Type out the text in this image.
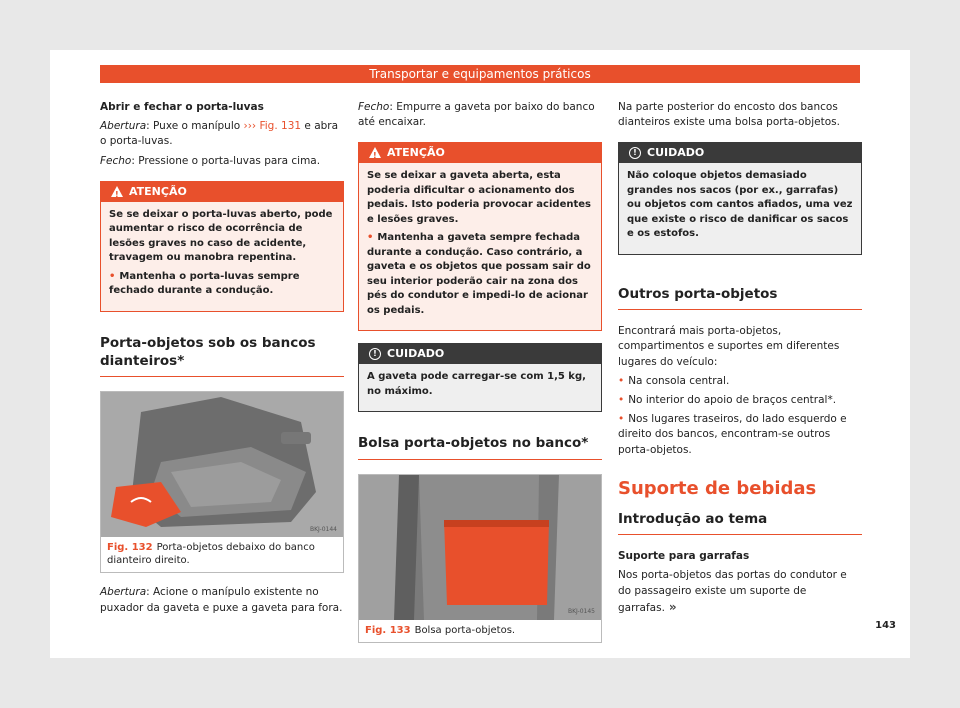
Transportar e equipamentos práticos

Abrir e fechar o porta-luvas

Abertura: Puxe o manípulo ››› Fig. 131 e abra o porta-luvas.

Fecho: Pressione o porta-luvas para cima.

!
ATENÇÃO

Se se deixar o porta-luvas aberto, pode aumentar o risco de ocorrência de lesões graves no caso de acidente, travagem ou manobra repentina.

• Mantenha o porta-luvas sempre fechado durante a condução.

Porta-objetos sob os bancos dianteiros*
BKJ-0144
Fig. 132 Porta-objetos debaixo do banco dianteiro direito.

Abertura: Acione o manípulo existente no puxador da gaveta e puxe a gaveta para fora.

Fecho: Empurre a gaveta por baixo do banco até encaixar.

!
ATENÇÃO

Se se deixar a gaveta aberta, esta poderia dificultar o acionamento dos pedais. Isto poderia provocar acidentes e lesões graves.

• Mantenha a gaveta sempre fechada durante a condução. Caso contrário, a gaveta e os objetos que possam sair do seu interior poderão cair na zona dos pés do condutor e impedi-lo de acionar os pedais.

! CUIDADO

A gaveta pode carregar-se com 1,5 kg, no máximo.

Bolsa porta-objetos no banco*
BKJ-0145
Fig. 133 Bolsa porta-objetos.

Na parte posterior do encosto dos bancos dianteiros existe uma bolsa porta-objetos.

! CUIDADO

Não coloque objetos demasiado grandes nos sacos (por ex., garrafas) ou objetos com cantos afiados, uma vez que existe o risco de danificar os sacos e os estofos.

Outros porta-objetos

Encontrará mais porta-objetos, compartimentos e suportes em diferentes lugares do veículo:

• Na consola central.

• No interior do apoio de braços central*.

• Nos lugares traseiros, do lado esquerdo e direito dos bancos, encontram-se outros porta-objetos.

Suporte de bebidas
Introdução ao tema

Suporte para garrafas

Nos porta-objetos das portas do condutor e do passageiro existe um suporte de garrafas. »

143
